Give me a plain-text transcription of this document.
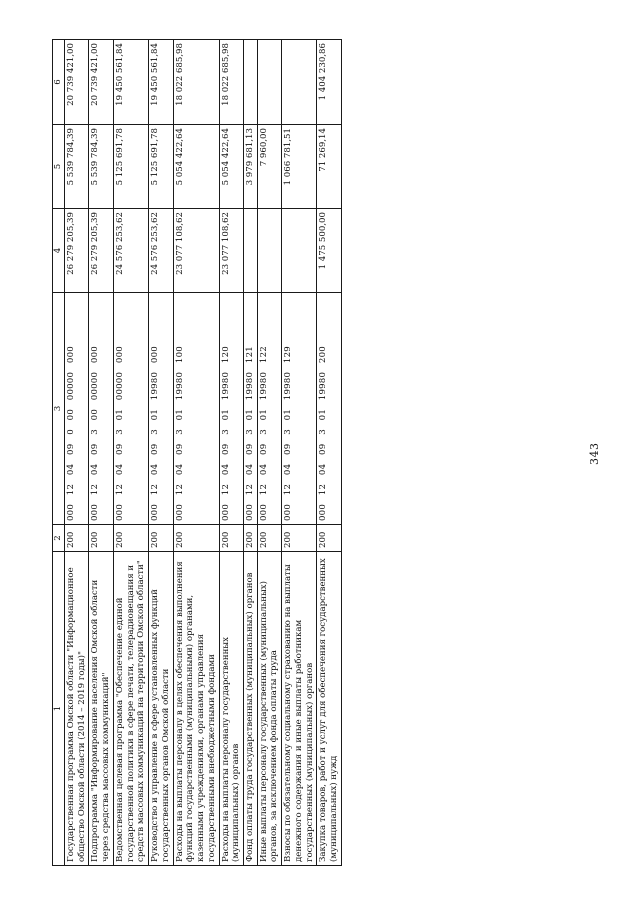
343
1	2	3	4	5	6
Государственная программа Омской области "Информационное общество Омской области (2014 – 2019 годы)"	200	000   12   04   09   0   00   00000   000	26 279 205,39	5 539 784,39	20 739 421,00
Подпрограмма "Информирование населения Омской области через средства массовых коммуникаций"	200	000   12   04   09   3   00   00000   000	26 279 205,39	5 539 784,39	20 739 421,00
Ведомственная целевая программа "Обеспечение единой государственной политики в сфере печати, телерадиовещания и средств массовых коммуникаций на территории Омской области"	200	000   12   04   09   3   01   00000   000	24 576 253,62	5 125 691,78	19 450 561,84
Руководство и управление в сфере установленных функций государственных органов Омской области	200	000   12   04   09   3   01   19980   000	24 576 253,62	5 125 691,78	19 450 561,84
Расходы на выплаты персоналу в целях обеспечения выполнения функций государственными (муниципальными) органами, казенными учреждениями, органами управления государственными внебюджетными фондами	200	000   12   04   09   3   01   19980   100	23 077 108,62	5 054 422,64	18 022 685,98
Расходы на выплаты персоналу государственных (муниципальных) органов	200	000   12   04   09   3   01   19980   120	23 077 108,62	5 054 422,64	18 022 685,98
Фонд оплаты труда государственных (муниципальных) органов	200	000   12   04   09   3   01   19980   121		3 979 681,13	
Иные выплаты персоналу государственных (муниципальных) органов, за исключением фонда оплаты труда	200	000   12   04   09   3   01   19980   122		7 960,00	
Взносы по обязательному социальному страхованию на выплаты денежного содержания и иные выплаты работникам государственных (муниципальных) органов	200	000   12   04   09   3   01   19980   129		1 066 781,51	
Закупка товаров, работ и услуг для обеспечения государственных (муниципальных) нужд	200	000   12   04   09   3   01   19980   200	1 475 500,00	71 269,14	1 404 230,86
